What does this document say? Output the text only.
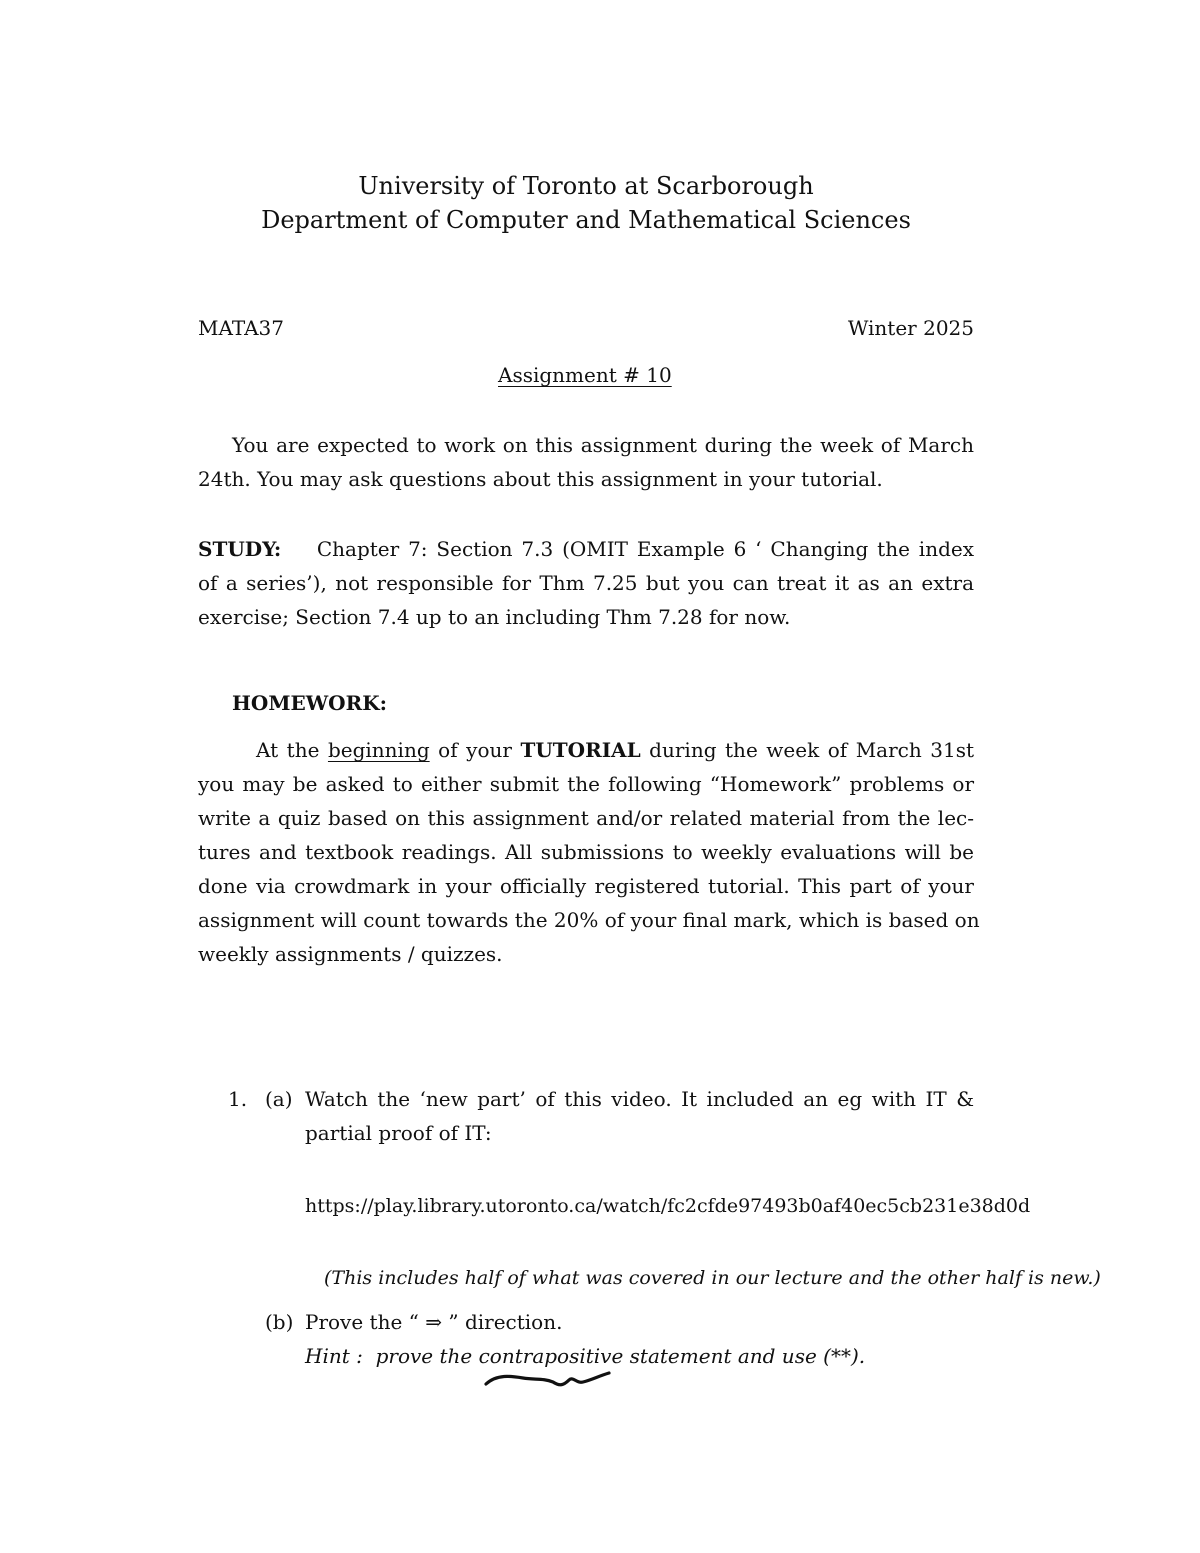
University of Toronto at Scarborough
Department of Computer and Mathematical Sciences
MATA37	Winter 2025
Assignment # 10
You are expected to work on this assignment during the week of March
24th. You may ask questions about this assignment in your tutorial.
STUDY: Chapter 7: Section 7.3 (OMIT Example 6 ‘ Changing the index
of a series’), not responsible for Thm 7.25 but you can treat it as an extra
exercise; Section 7.4 up to an including Thm 7.28 for now.
HOMEWORK:
At the beginning of your TUTORIAL during the week of March 31st
you may be asked to either submit the following “Homework” problems or
write a quiz based on this assignment and/or related material from the lec-
tures and textbook readings. All submissions to weekly evaluations will be
done via crowdmark in your officially registered tutorial. This part of your
assignment will count towards the 20% of your final mark, which is based on
weekly assignments / quizzes.
1. (a) Watch the ‘new part’ of this video. It included an eg with IT &
partial proof of IT:
https://play.library.utoronto.ca/watch/fc2cfde97493b0af40ec5cb231e38d0d
(This includes half of what was covered in our lecture and the other half is new.)
(b) Prove the “ ⇒ ” direction.
Hint : prove the contrapositive statement and use (**).
